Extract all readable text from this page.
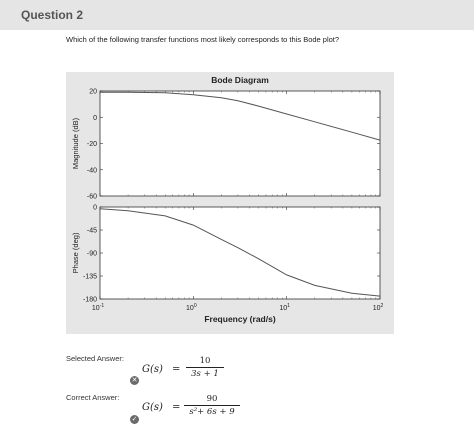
Question 2
Which of the following transfer functions most likely corresponds to this Bode plot?
Bode Diagram
20
0
-20
-40
-60
Magnitude (dB)
0
-45
-90
-135
-180
Phase (deg)
$10^{-1}$	$10^0$	$10^1$	$10^2$
Frequency (rad/s)
Selected Answer:
G(s) =
10
3s + 1
✕
Correct Answer:
G(s) =
90
s²+ 6s + 9
✓
